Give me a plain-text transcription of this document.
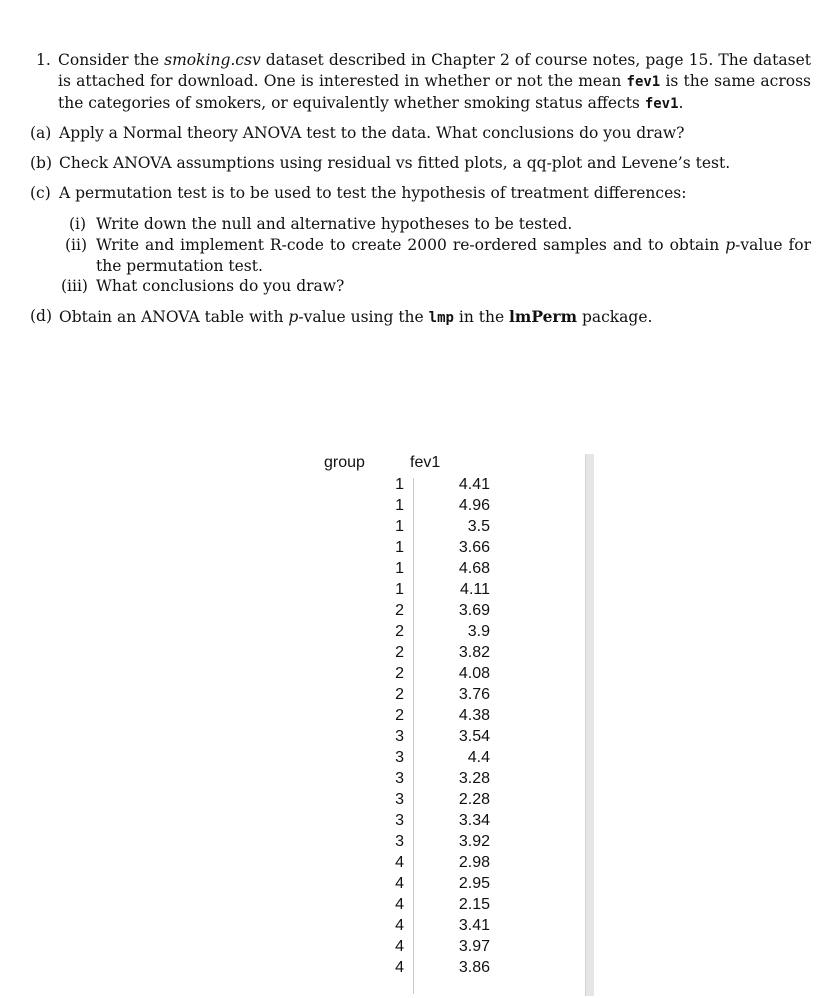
1. Consider the smoking.csv dataset described in Chapter 2 of course notes, page 15. The dataset is attached for download. One is interested in whether or not the mean fev1 is the same across the categories of smokers, or equivalently whether smoking status affects fev1.
(a) Apply a Normal theory ANOVA test to the data. What conclusions do you draw?
(b) Check ANOVA assumptions using residual vs fitted plots, a qq-plot and Levene’s test.
(c) A permutation test is to be used to test the hypothesis of treatment differences:
(i) Write down the null and alternative hypotheses to be tested.
(ii) Write and implement R-code to create 2000 re-ordered samples and to obtain p-value for the permutation test.
(iii) What conclusions do you draw?
(d) Obtain an ANOVA table with p-value using the lmp in the lmPerm package.
group	fev1
1	4.41
1	4.96
1	3.5
1	3.66
1	4.68
1	4.11
2	3.69
2	3.9
2	3.82
2	4.08
2	3.76
2	4.38
3	3.54
3	4.4
3	3.28
3	2.28
3	3.34
3	3.92
4	2.98
4	2.95
4	2.15
4	3.41
4	3.97
4	3.86
